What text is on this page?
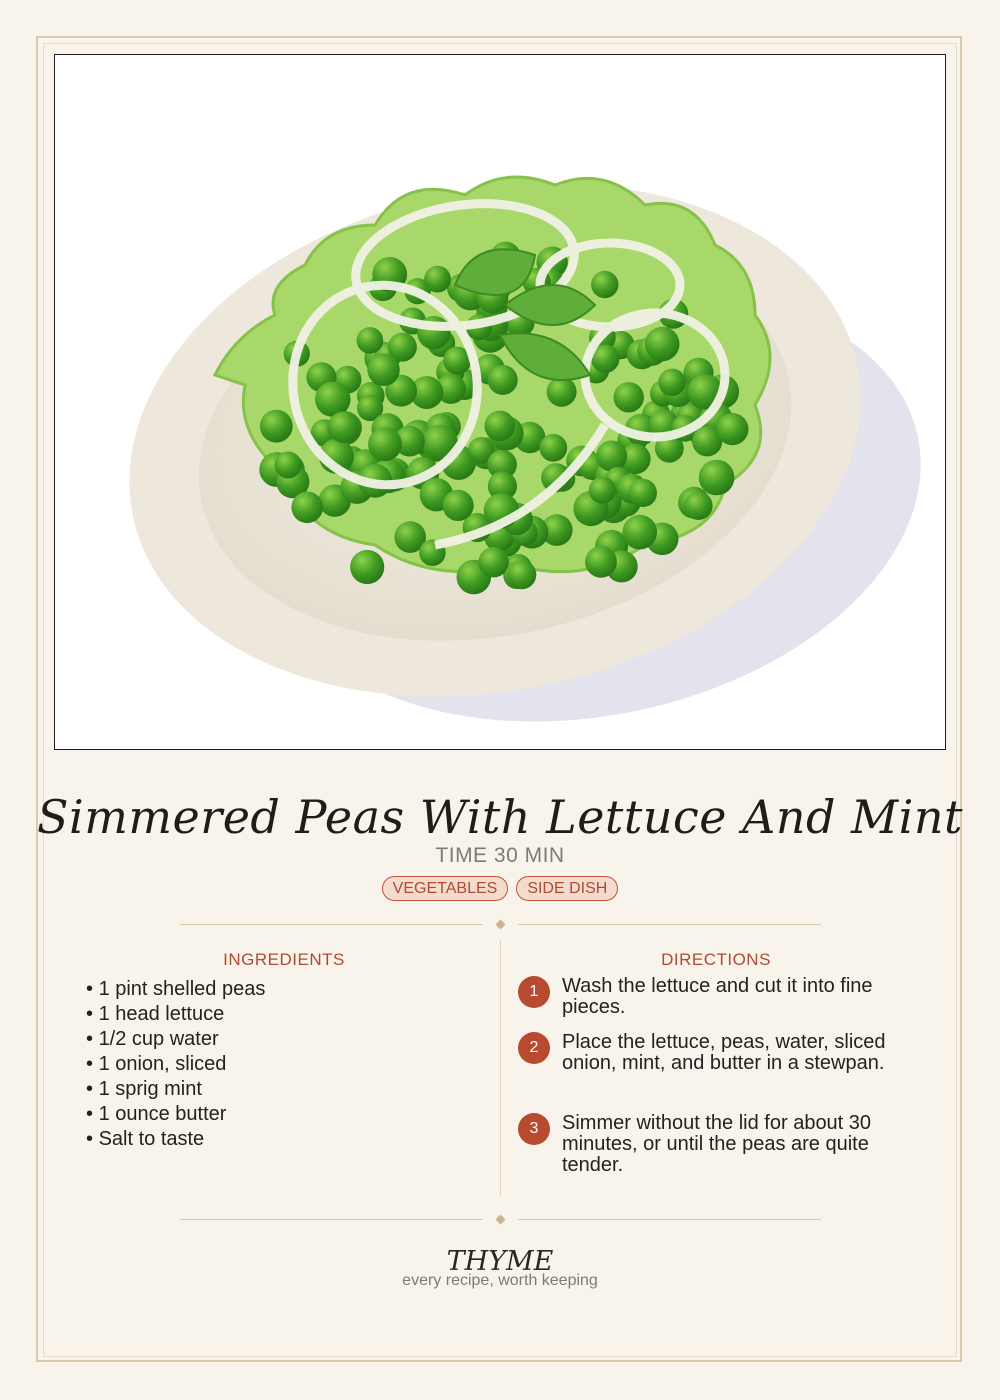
Simmered Peas With Lettuce And Mint
TIME 30 MIN
VEGETABLES	SIDE DISH
INGREDIENTS
• 1 pint shelled peas
• 1 head lettuce
• 1/2 cup water
• 1 onion, sliced
• 1 sprig mint
• 1 ounce butter
• Salt to taste
DIRECTIONS
1	Wash the lettuce and cut it into fine pieces.
2	Place the lettuce, peas, water, sliced onion, mint, and butter in a stewpan.
3	Simmer without the lid for about 30 minutes, or until the peas are quite tender.
THYME
every recipe, worth keeping
